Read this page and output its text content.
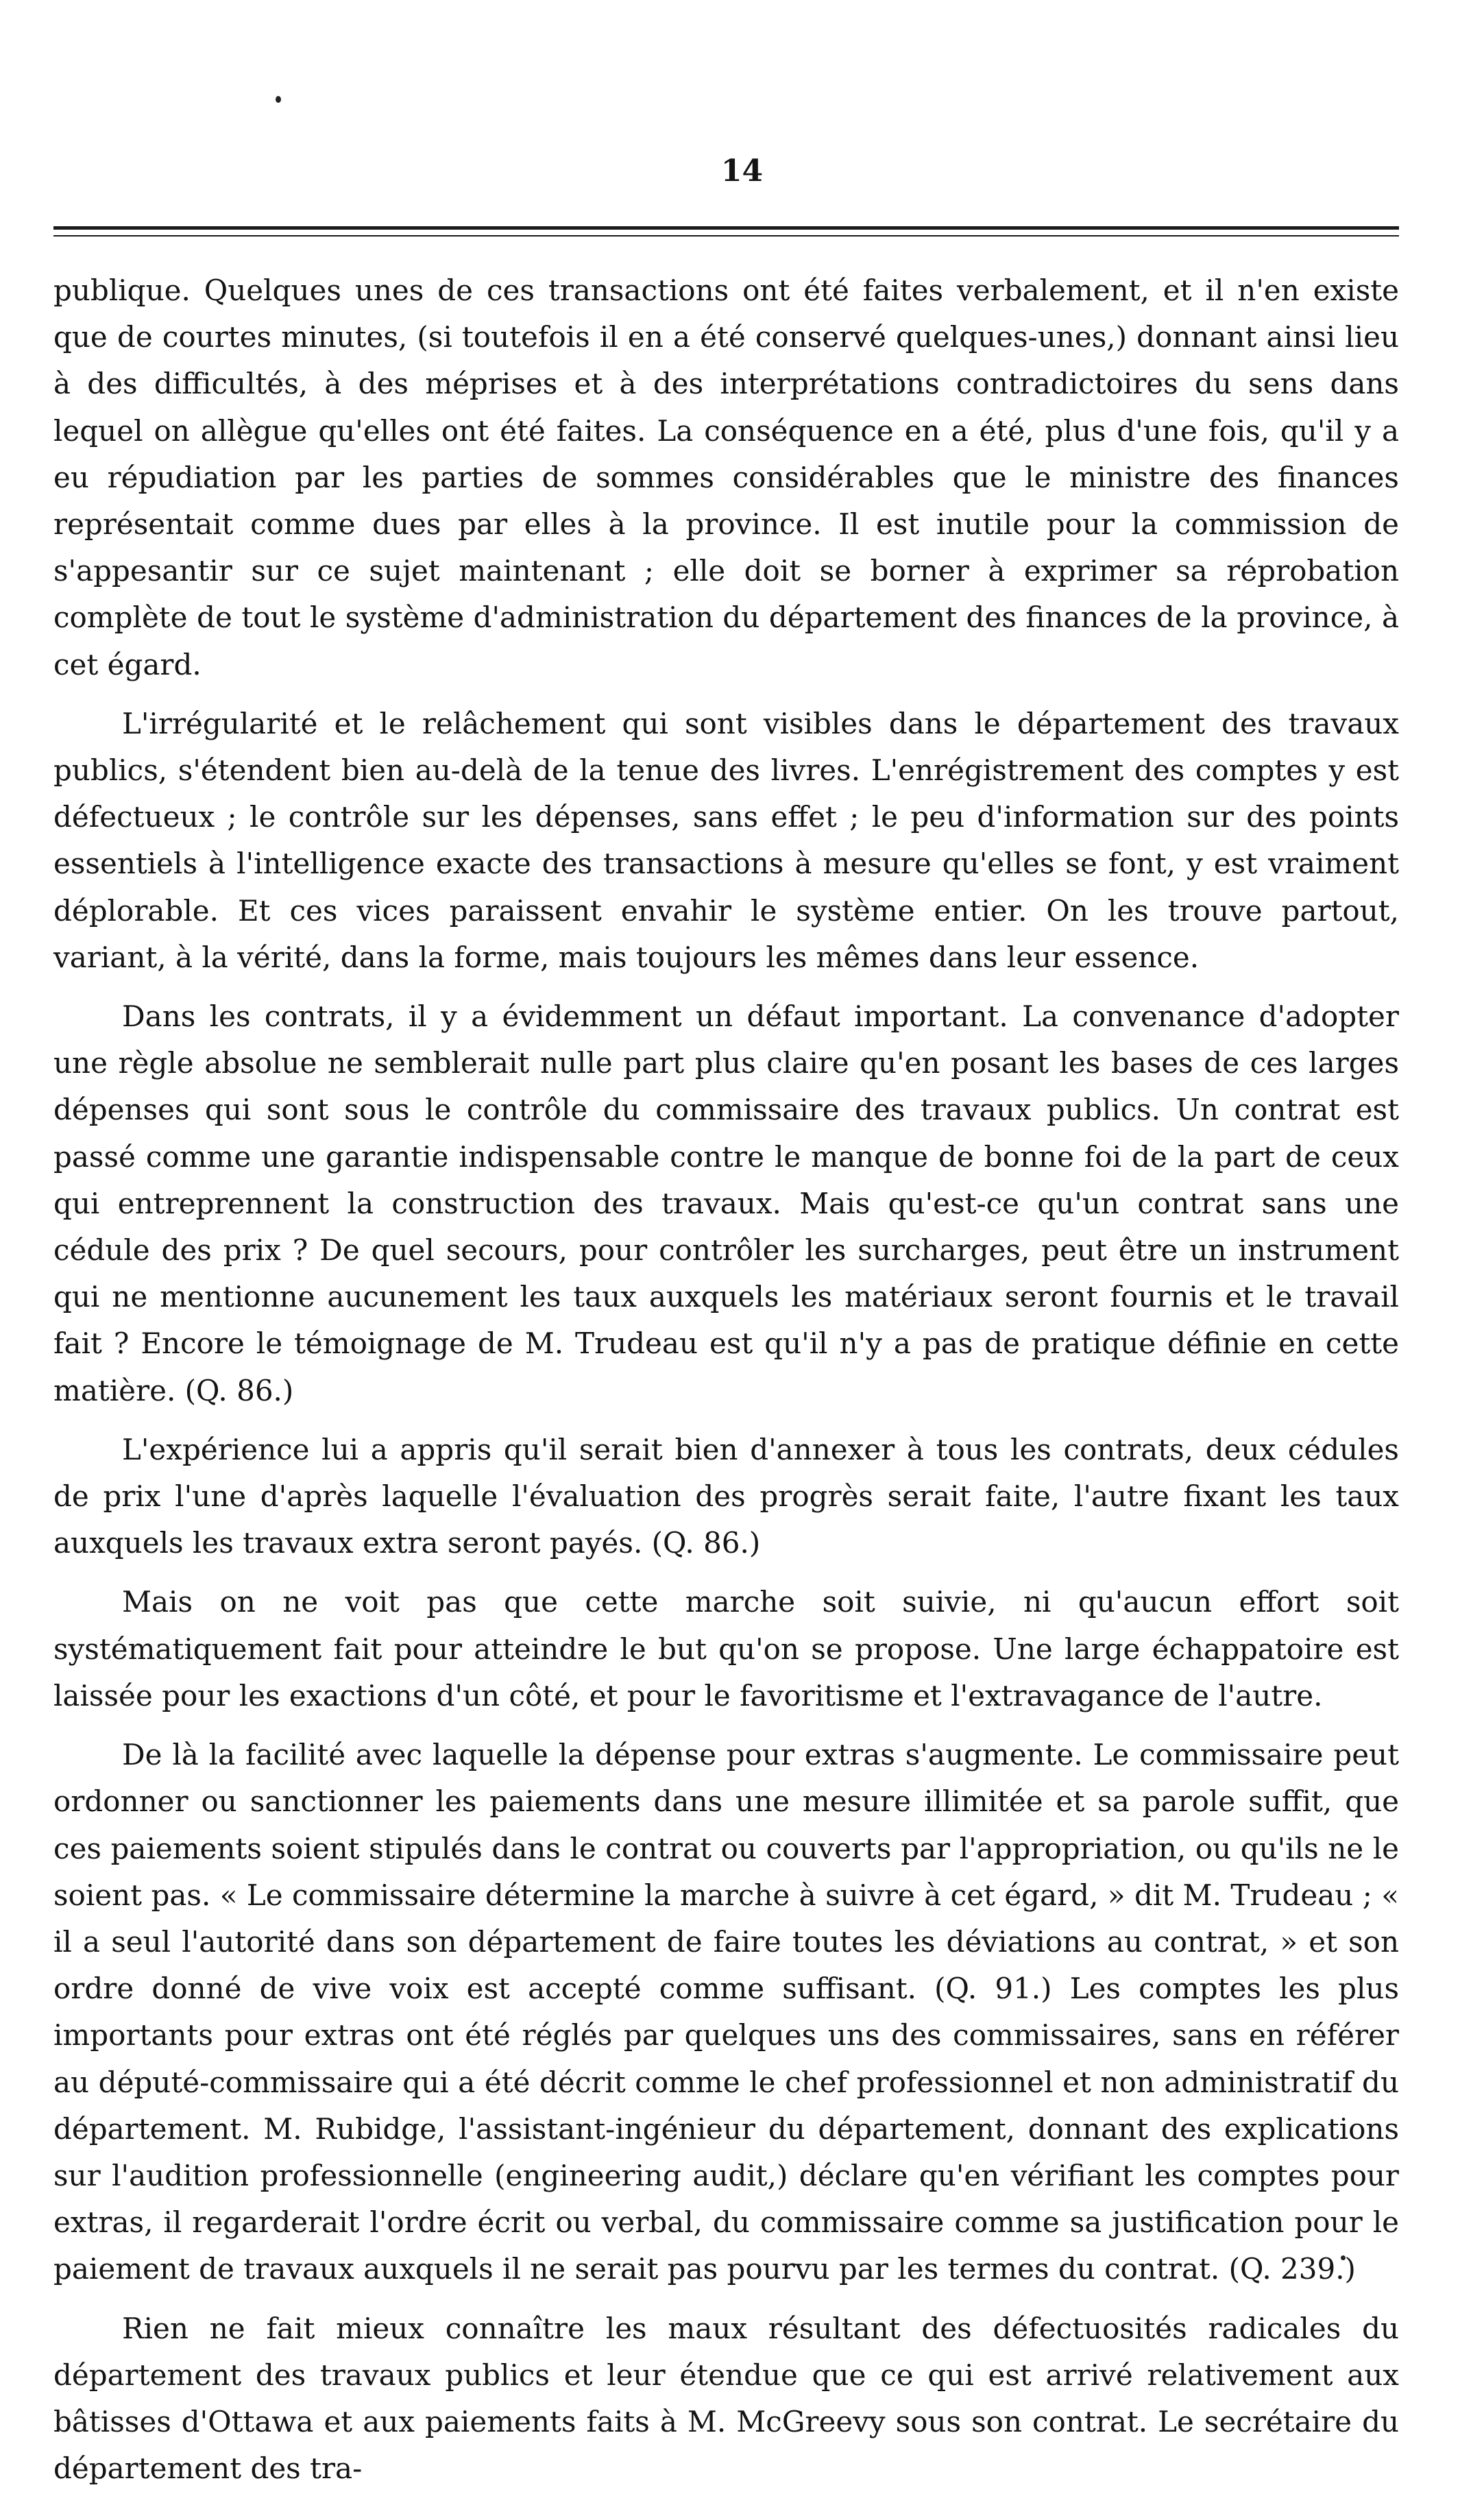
14

publique. Quelques unes de ces transactions ont été faites verbalement, et il n'en existe que de courtes minutes, (si toutefois il en a été conservé quelques-unes,) donnant ainsi lieu à des difficultés, à des méprises et à des interprétations contradictoires du sens dans lequel on allègue qu'elles ont été faites. La conséquence en a été, plus d'une fois, qu'il y a eu répudiation par les parties de sommes considérables que le ministre des finances représentait comme dues par elles à la province. Il est inutile pour la commission de s'appesantir sur ce sujet maintenant ; elle doit se borner à exprimer sa réprobation complète de tout le système d'administration du département des finances de la province, à cet égard.

L'irrégularité et le relâchement qui sont visibles dans le département des travaux publics, s'étendent bien au-delà de la tenue des livres. L'enrégistrement des comptes y est défectueux ; le contrôle sur les dépenses, sans effet ; le peu d'information sur des points essentiels à l'intelligence exacte des transactions à mesure qu'elles se font, y est vraiment déplorable. Et ces vices paraissent envahir le système entier. On les trouve partout, variant, à la vérité, dans la forme, mais toujours les mêmes dans leur essence.

Dans les contrats, il y a évidemment un défaut important. La convenance d'adopter une règle absolue ne semblerait nulle part plus claire qu'en posant les bases de ces larges dépenses qui sont sous le contrôle du commissaire des travaux publics. Un contrat est passé comme une garantie indispensable contre le manque de bonne foi de la part de ceux qui entreprennent la construction des travaux. Mais qu'est-ce qu'un contrat sans une cédule des prix ? De quel secours, pour contrôler les surcharges, peut être un instrument qui ne mentionne aucunement les taux auxquels les matériaux seront fournis et le travail fait ? Encore le témoignage de M. Trudeau est qu'il n'y a pas de pratique définie en cette matière. (Q. 86.)

L'expérience lui a appris qu'il serait bien d'annexer à tous les contrats, deux cédules de prix l'une d'après laquelle l'évaluation des progrès serait faite, l'autre fixant les taux auxquels les travaux extra seront payés. (Q. 86.)

Mais on ne voit pas que cette marche soit suivie, ni qu'aucun effort soit systématiquement fait pour atteindre le but qu'on se propose. Une large échappatoire est laissée pour les exactions d'un côté, et pour le favoritisme et l'extravagance de l'autre.

De là la facilité avec laquelle la dépense pour extras s'augmente. Le commissaire peut ordonner ou sanctionner les paiements dans une mesure illimitée et sa parole suffit, que ces paiements soient stipulés dans le contrat ou couverts par l'appropriation, ou qu'ils ne le soient pas. « Le commissaire détermine la marche à suivre à cet égard, » dit M. Trudeau ; « il a seul l'autorité dans son département de faire toutes les déviations au contrat, » et son ordre donné de vive voix est accepté comme suffisant. (Q. 91.) Les comptes les plus importants pour extras ont été réglés par quelques uns des commissaires, sans en référer au député-commissaire qui a été décrit comme le chef professionnel et non administratif du département. M. Rubidge, l'assistant-ingénieur du département, donnant des explications sur l'audition professionnelle (engineering audit,) déclare qu'en vérifiant les comptes pour extras, il regarderait l'ordre écrit ou verbal, du commissaire comme sa justification pour le paiement de travaux auxquels il ne serait pas pourvu par les termes du contrat. (Q. 239.)

Rien ne fait mieux connaître les maux résultant des défectuosités radicales du département des travaux publics et leur étendue que ce qui est arrivé relativement aux bâtisses d'Ottawa et aux paiements faits à M. McGreevy sous son contrat. Le secrétaire du département des tra-
